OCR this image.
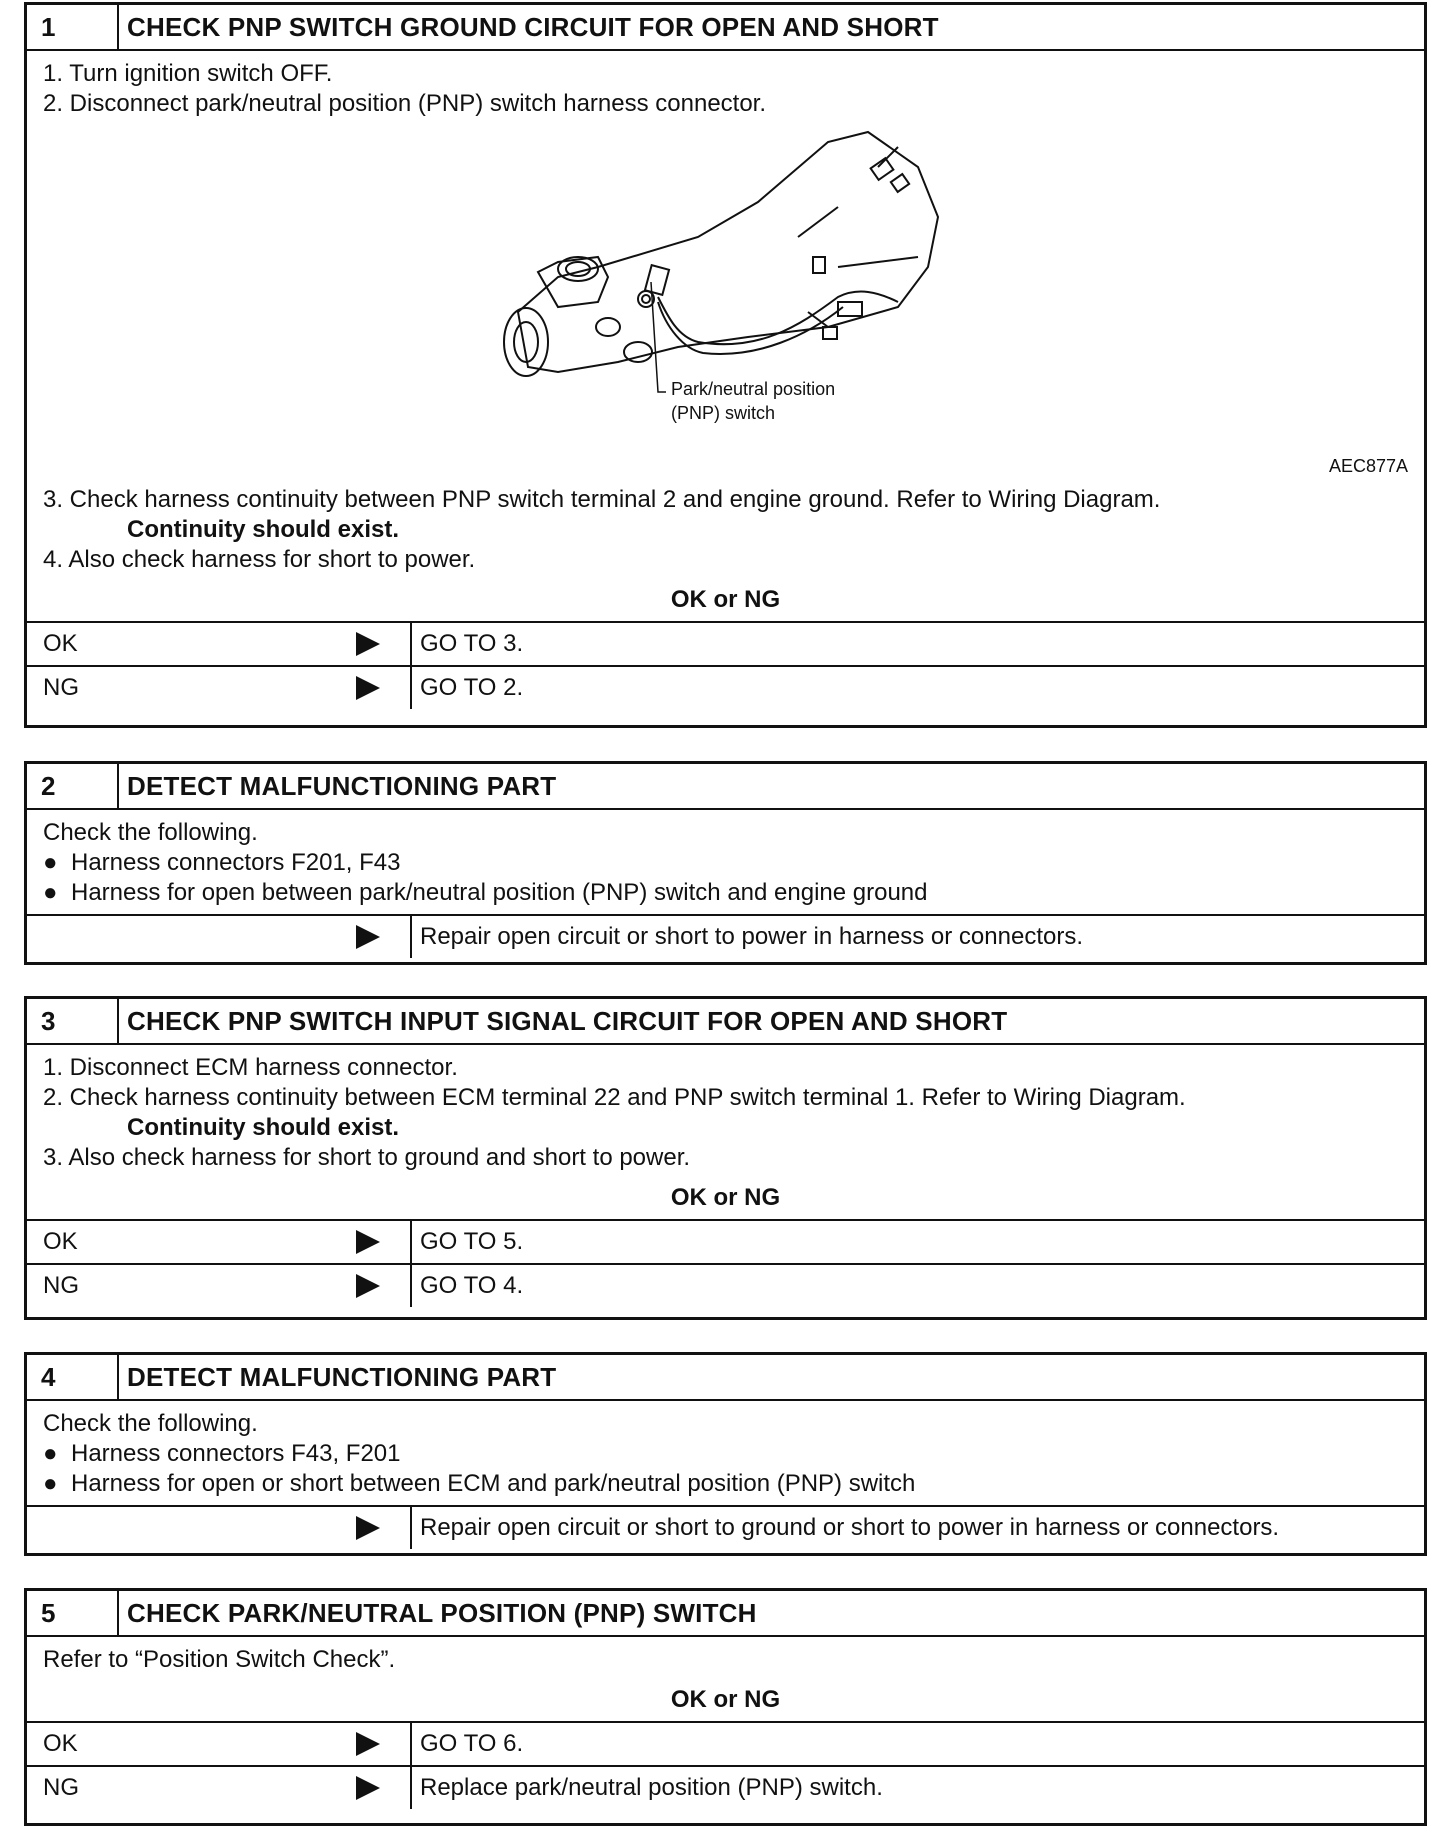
1	CHECK PNP SWITCH GROUND CIRCUIT FOR OPEN AND SHORT
1. Turn ignition switch OFF.
2. Disconnect park/neutral position (PNP) switch harness connector.
Park/neutral position
(PNP) switch
AEC877A
3. Check harness continuity between PNP switch terminal 2 and engine ground. Refer to Wiring Diagram.
Continuity should exist.
4. Also check harness for short to power.
OK or NG
OK	GO TO 3.
NG	GO TO 2.
2	DETECT MALFUNCTIONING PART
Check the following.
● Harness connectors F201, F43
● Harness for open between park/neutral position (PNP) switch and engine ground
Repair open circuit or short to power in harness or connectors.
3	CHECK PNP SWITCH INPUT SIGNAL CIRCUIT FOR OPEN AND SHORT
1. Disconnect ECM harness connector.
2. Check harness continuity between ECM terminal 22 and PNP switch terminal 1. Refer to Wiring Diagram.
Continuity should exist.
3. Also check harness for short to ground and short to power.
OK or NG
OK	GO TO 5.
NG	GO TO 4.
4	DETECT MALFUNCTIONING PART
Check the following.
● Harness connectors F43, F201
● Harness for open or short between ECM and park/neutral position (PNP) switch
Repair open circuit or short to ground or short to power in harness or connectors.
5	CHECK PARK/NEUTRAL POSITION (PNP) SWITCH
Refer to “Position Switch Check”.
OK or NG
OK	GO TO 6.
NG	Replace park/neutral position (PNP) switch.
